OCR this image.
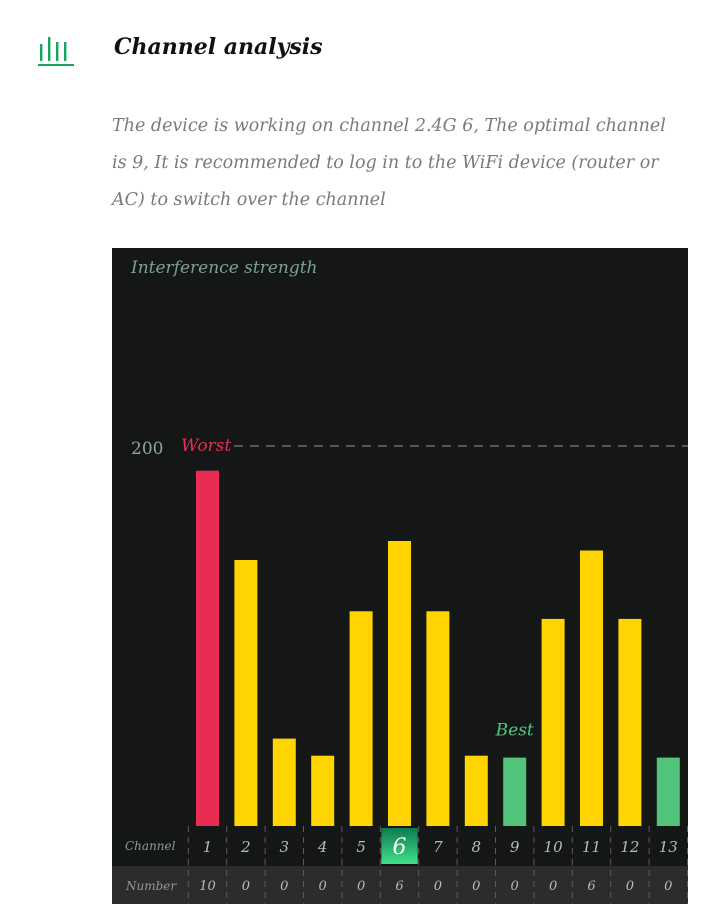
Channel analysis
The device is working on channel 2.4G 6, The optimal channel is 9, It is recommended to log in to the WiFi device (router or AC) to switch over the channel
Interference strength
200 Worst
Best
Channel
Number
1
10
2
0
3
0
4
0
5
0
6
6
7
0
8
0
9
0
10
0
11
6
12
0
13
0
